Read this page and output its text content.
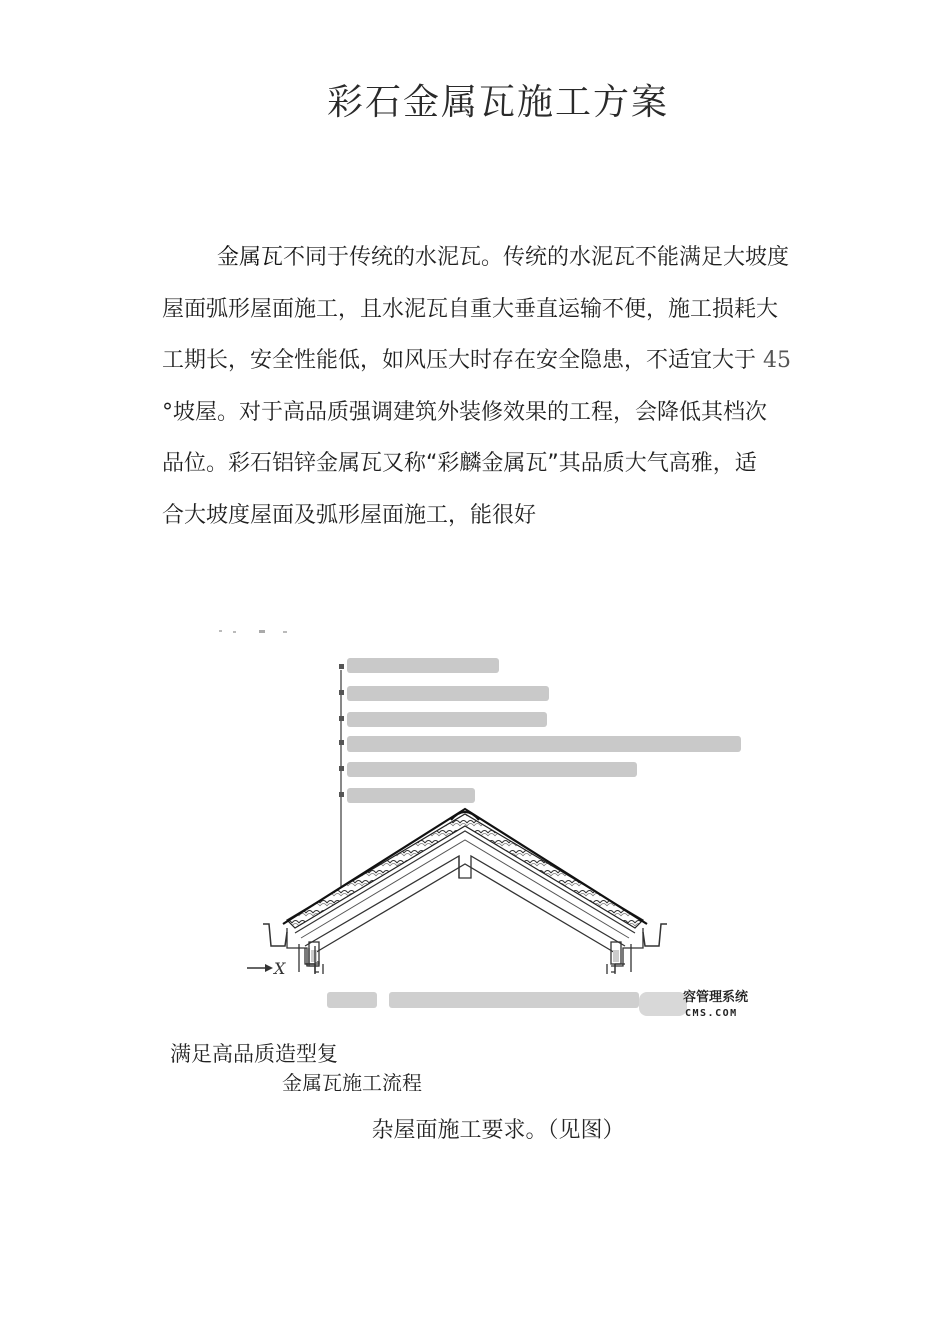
彩石金属瓦施工方案
金属瓦不同于传统的水泥瓦。传统的水泥瓦不能满足大坡度
屋面弧形屋面施工，且水泥瓦自重大垂直运输不便，施工损耗大
工期长，安全性能低，如风压大时存在安全隐患，不适宜大于 45
°坡屋。对于高品质强调建筑外装修效果的工程，会降低其档次
品位。彩石铝锌金属瓦又称“彩麟金属瓦”其品质大气高雅，适
合大坡度屋面及弧形屋面施工，能很好
X
容管理系统
CMS.COM
满足高品质造型复
金属瓦施工流程
杂屋面施工要求。（见图）
